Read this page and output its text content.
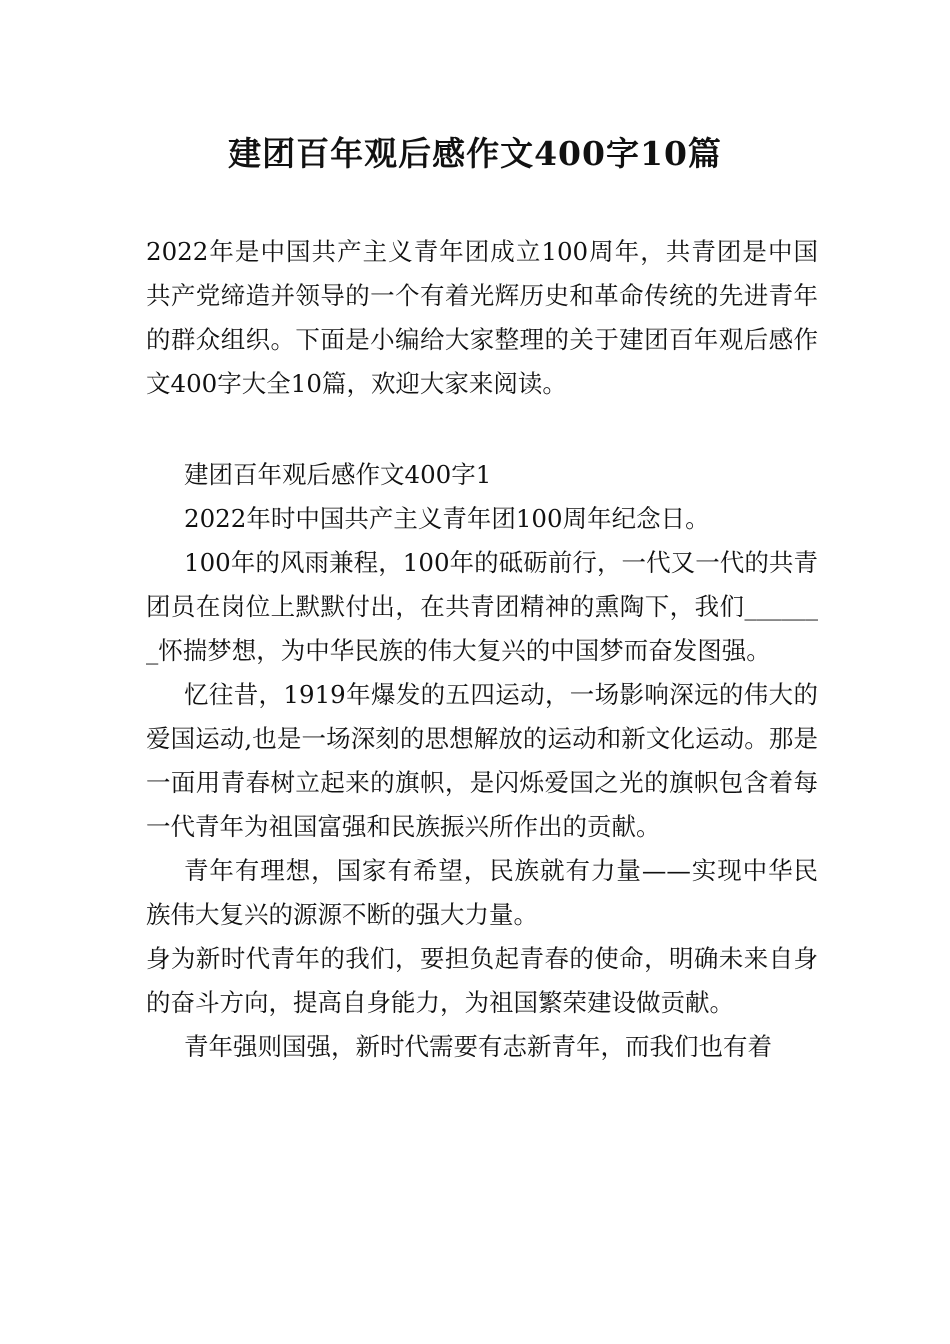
建团百年观后感作文400字10篇

2022年是中国共产主义青年团成立100周年，共青团是中国共产党缔造并领导的一个有着光辉历史和革命传统的先进青年的群众组织。下面是小编给大家整理的关于建团百年观后感作文400字大全10篇，欢迎大家来阅读。

建团百年观后感作文400字1

2022年时中国共产主义青年团100周年纪念日。

100年的风雨兼程，100年的砥砺前行，一代又一代的共青团员在岗位上默默付出，在共青团精神的熏陶下，我们_______怀揣梦想，为中华民族的伟大复兴的中国梦而奋发图强。

忆往昔，1919年爆发的五四运动，一场影响深远的伟大的爱国运动,也是一场深刻的思想解放的运动和新文化运动。那是一面用青春树立起来的旗帜，是闪烁爱国之光的旗帜包含着每一代青年为祖国富强和民族振兴所作出的贡献。

青年有理想，国家有希望，民族就有力量——实现中华民族伟大复兴的源源不断的强大力量。

身为新时代青年的我们，要担负起青春的使命，明确未来自身的奋斗方向，提高自身能力，为祖国繁荣建设做贡献。

青年强则国强，新时代需要有志新青年，而我们也有着
